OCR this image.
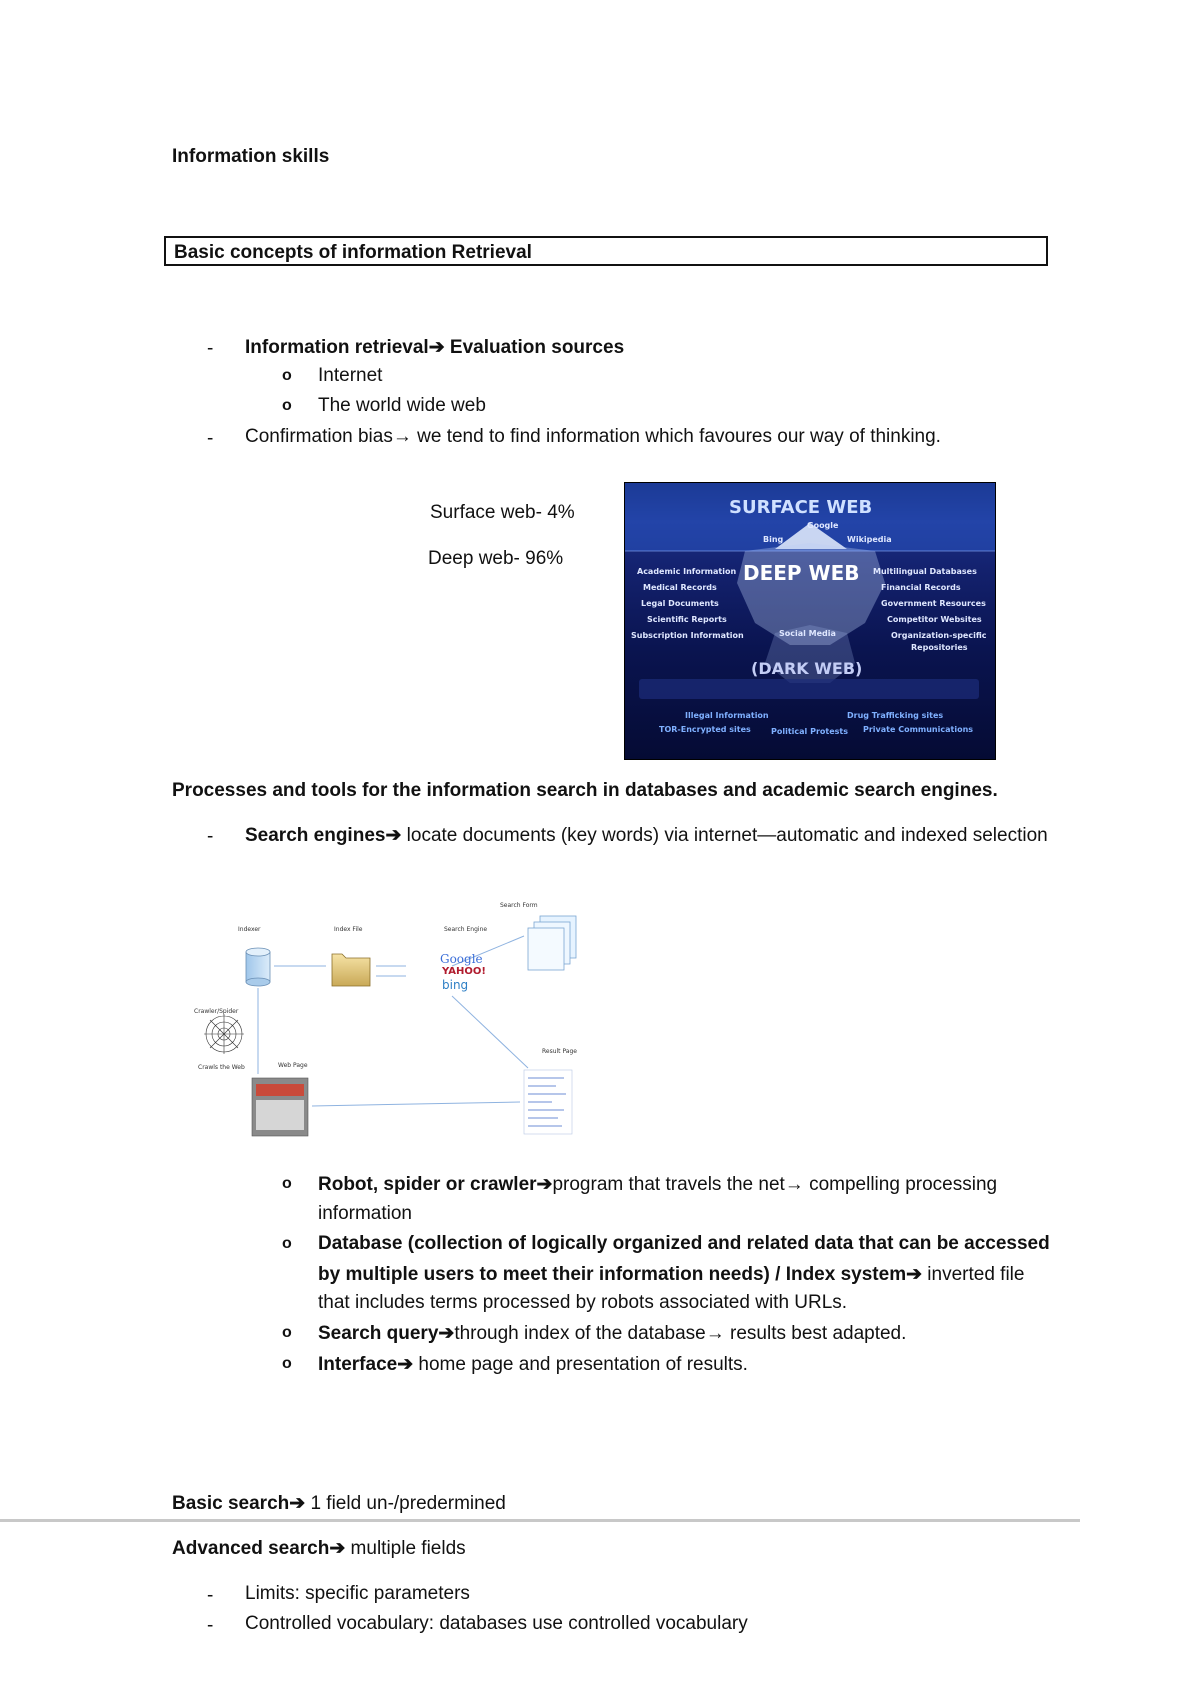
Information skills
Basic concepts of information Retrieval
-	Information retrieval➔ Evaluation sources
o Internet
o The world wide web
-	Confirmation bias→ we tend to find information which favoures our way of thinking.
Surface web- 4%
Deep web- 96%
SURFACE WEB
Google
Bing	Wikipedia
DEEP WEB
Academic Information
Medical Records
Legal Documents
Scientific Reports
Subscription Information
Multilingual Databases
Financial Records
Government Resources
Competitor Websites
Organization-specific
Repositories
Social Media
(DARK WEB)
Illegal Information	Drug Trafficking sites
TOR-Encrypted sites	Political Protests Private Communications
Processes and tools for the information search in databases and academic search engines.
-	Search engines➔ locate documents (key words) via internet—automatic and indexed selection
Indexer	Index File	Search Engine
Search Form
Google
YAHOO!
bing
Crawler/Spider
Crawls the Web	Web Page
Result Page
o Robot, spider or crawler➔program that travels the net→ compelling processing
information
o Database (collection of logically organized and related data that can be accessed
by multiple users to meet their information needs) / Index system➔ inverted file
that includes terms processed by robots associated with URLs.
o Search query➔through index of the database→ results best adapted.
o Interface➔ home page and presentation of results.
Basic search➔ 1 field un-/predermined
Advanced search➔ multiple fields
-	Limits: specific parameters
-	Controlled vocabulary: databases use controlled vocabulary
